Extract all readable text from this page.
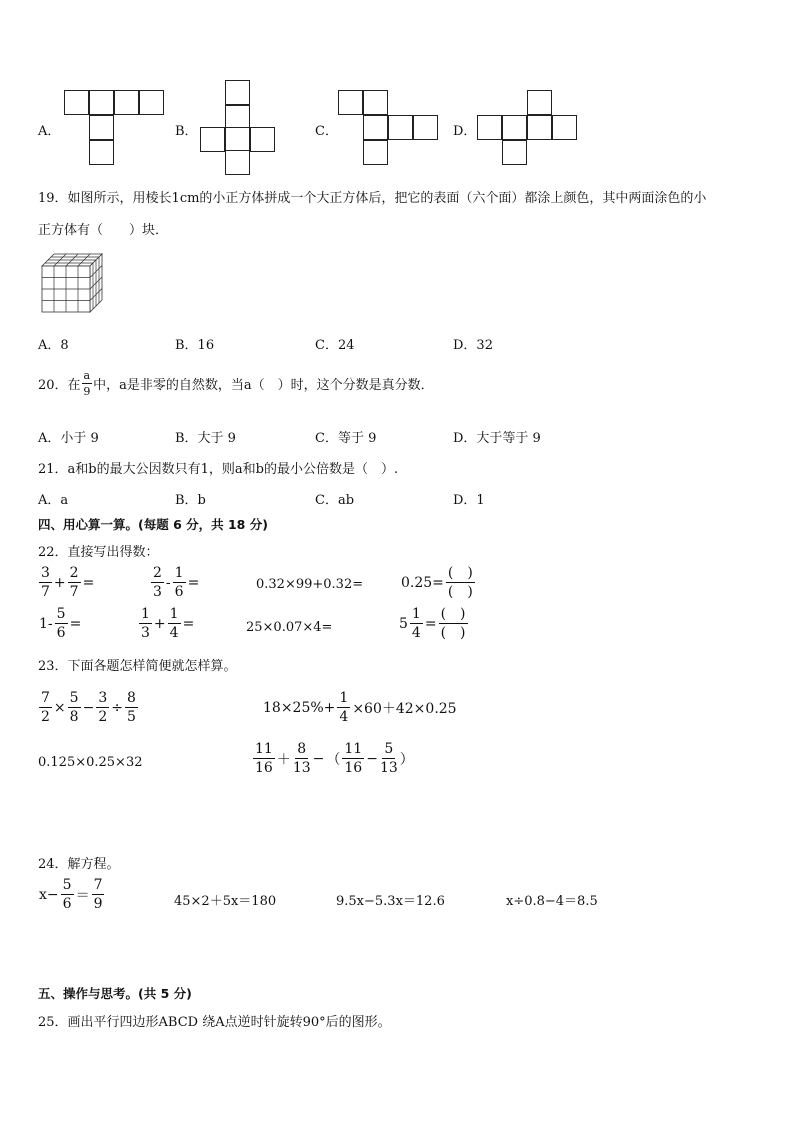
A．	B．	C．	D．
19．如图所示，用棱长1cm的小正方体拼成一个大正方体后，把它的表面（六个面）都涂上颜色，其中两面涂色的小
正方体有（　　）块．
A．8	B．16	C．24	D．32
20．在 $\frac{a}{9}$ 中，a是非零的自然数，当a（　）时，这个分数是真分数．
A．小于 9	B．大于 9	C．等于 9	D．大于等于 9
21．a和b的最大公因数只有1，则a和b的最小公倍数是（　）.
A．a	B．b	C．ab	D．1
四、用心算一算。(每题 6 分，共 18 分)
22．直接写出得数：
$\frac{3}{7} + \frac{2}{7}$ =	$\frac{2}{3} - \frac{1}{6}$ =	0.32×99+0.32=	$0.25= \frac{( )}{( )}$
$1- \frac{5}{6}$ =	$\frac{1}{3} + \frac{1}{4}$ =	25×0.07×4=	$5 \frac{1}{4} = \frac{( )}{( )}$
23．下面各题怎样简便就怎样算。
$\frac{7}{2} \times \frac{5}{8} - \frac{3}{2} \div \frac{8}{5}$	$18\times 25\%+ \frac{1}{4} \times 60+42\times 0.25$
0.125×0.25×32	$\frac{11}{16} + \frac{8}{13}$ − （ $\frac{11}{16} - \frac{5}{13}$ ）
24．解方程。
$x- \frac{5}{6} = \frac{7}{9}$	45×2＋5x＝180	9.5x−5.3x＝12.6	x÷0.8−4＝8.5
五、操作与思考。(共 5 分)
25．画出平行四边形ABCD 绕A点逆时针旋转90°后的图形。
